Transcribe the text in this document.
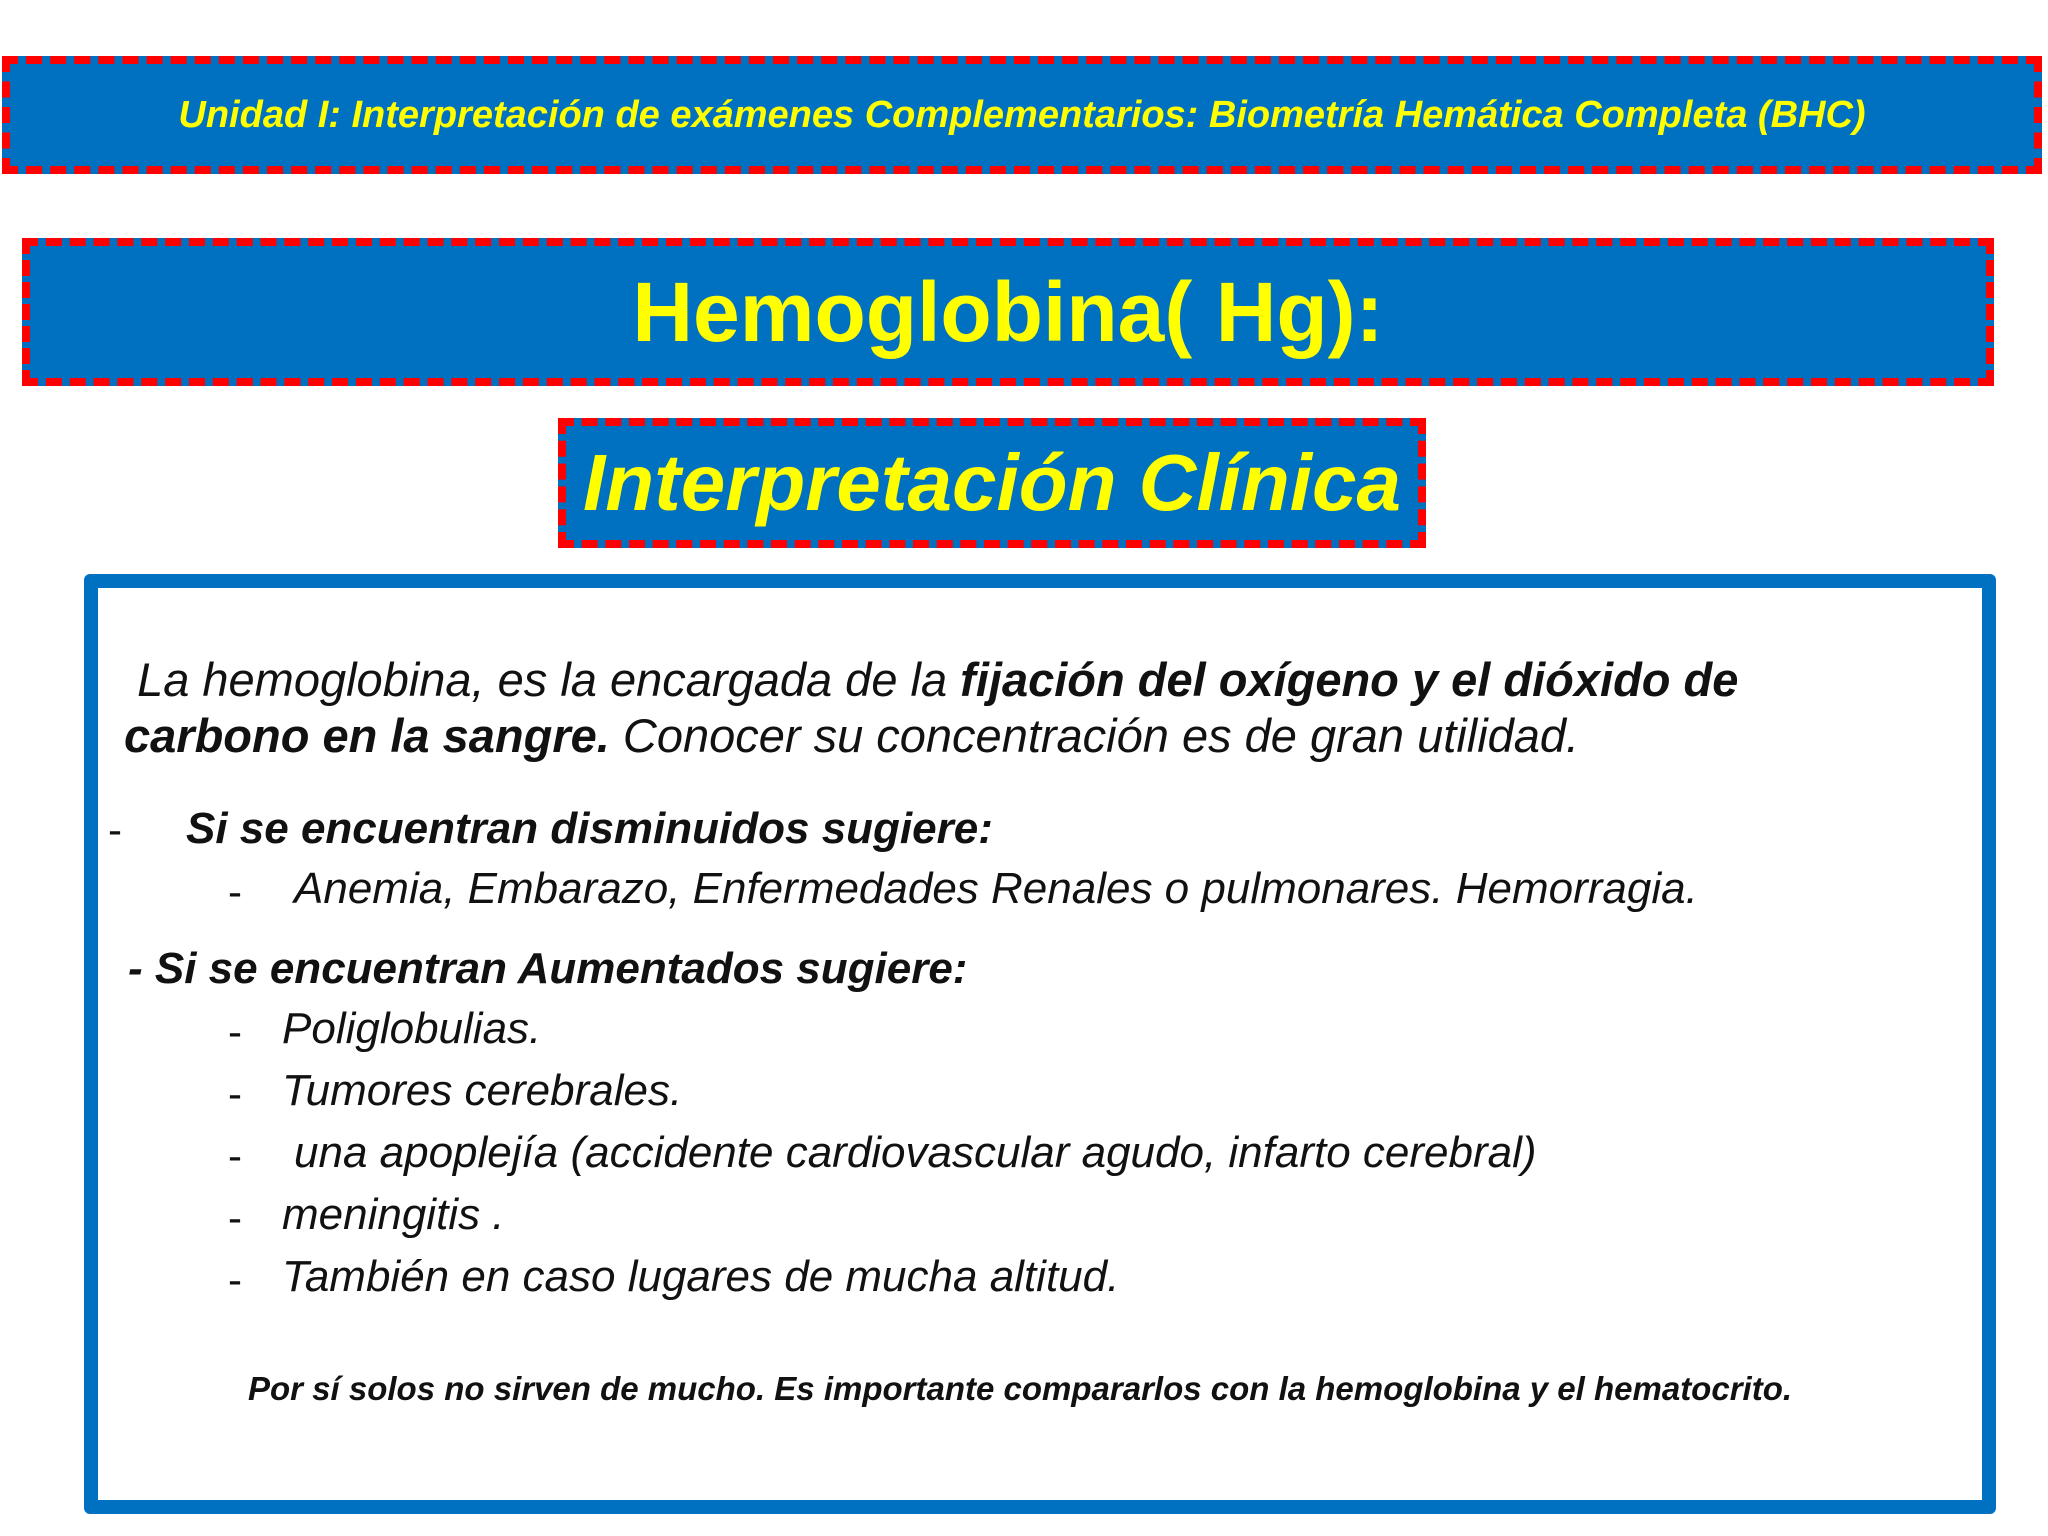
Unidad I: Interpretación de exámenes Complementarios: Biometría Hemática Completa (BHC)
Hemoglobina( Hg):
Interpretación Clínica
La hemoglobina, es la encargada de la fijación del oxígeno y el dióxido de
carbono en la sangre. Conocer su concentración es de gran utilidad.
- Si se encuentran disminuidos sugiere:
- Anemia, Embarazo, Enfermedades Renales o pulmonares. Hemorragia.
- Si se encuentran Aumentados sugiere:
- Poliglobulias.
- Tumores cerebrales.
- una apoplejía (accidente cardiovascular agudo, infarto cerebral)
- meningitis .
- También en caso lugares de mucha altitud.
Por sí solos no sirven de mucho. Es importante compararlos con la hemoglobina y el hematocrito.
